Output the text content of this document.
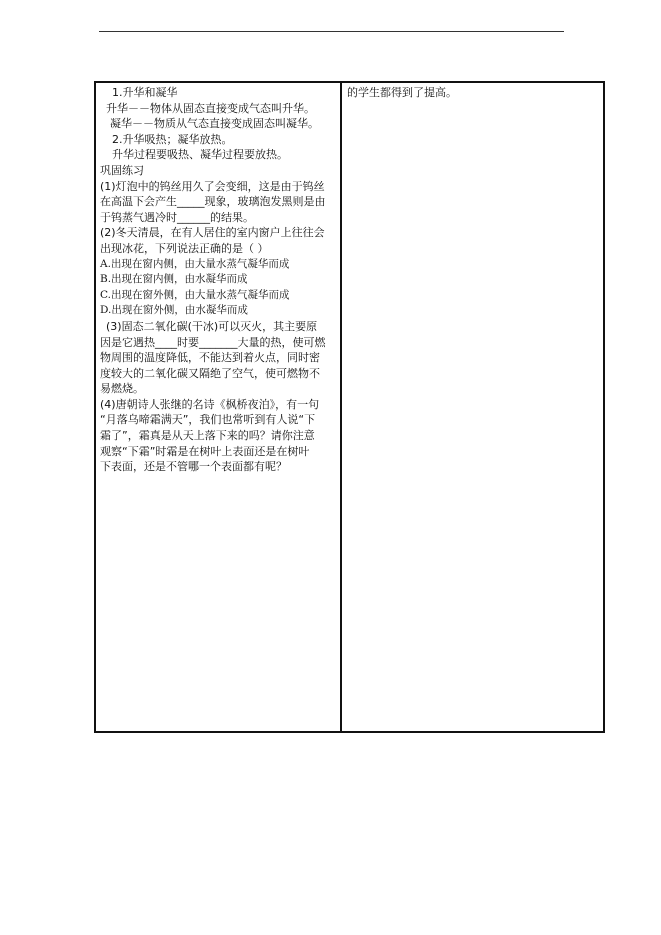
1.升华和凝华
升华－－物体从固态直接变成气态叫升华。
凝华－－物质从气态直接变成固态叫凝华。
2.升华吸热；凝华放热。
升华过程要吸热、凝华过程要放热。
巩固练习
(1)灯泡中的钨丝用久了会变细，这是由于钨丝
在高温下会产生_____现象，玻璃泡发黑则是由
于钨蒸气遇冷时______的结果。
(2)冬天清晨，在有人居住的室内窗户上往往会
出现冰花，下列说法正确的是（ ）
A.出现在窗内侧，由大量水蒸气凝华而成
B.出现在窗内侧，由水凝华而成
C.出现在窗外侧，由大量水蒸气凝华而成
D.出现在窗外侧，由水凝华而成
(3)固态二氧化碳(干冰)可以灭火，其主要原
因是它遇热____时要_______大量的热，使可燃
物周围的温度降低，不能达到着火点，同时密
度较大的二氧化碳又隔绝了空气，使可燃物不
易燃烧。
(4)唐朝诗人张继的名诗《枫桥夜泊》，有一句
“月落乌啼霜满天”，我们也常听到有人说“下
霜了”，霜真是从天上落下来的吗？请你注意
观察“下霜”时霜是在树叶上表面还是在树叶
下表面，还是不管哪一个表面都有呢？
的学生都得到了提高。
